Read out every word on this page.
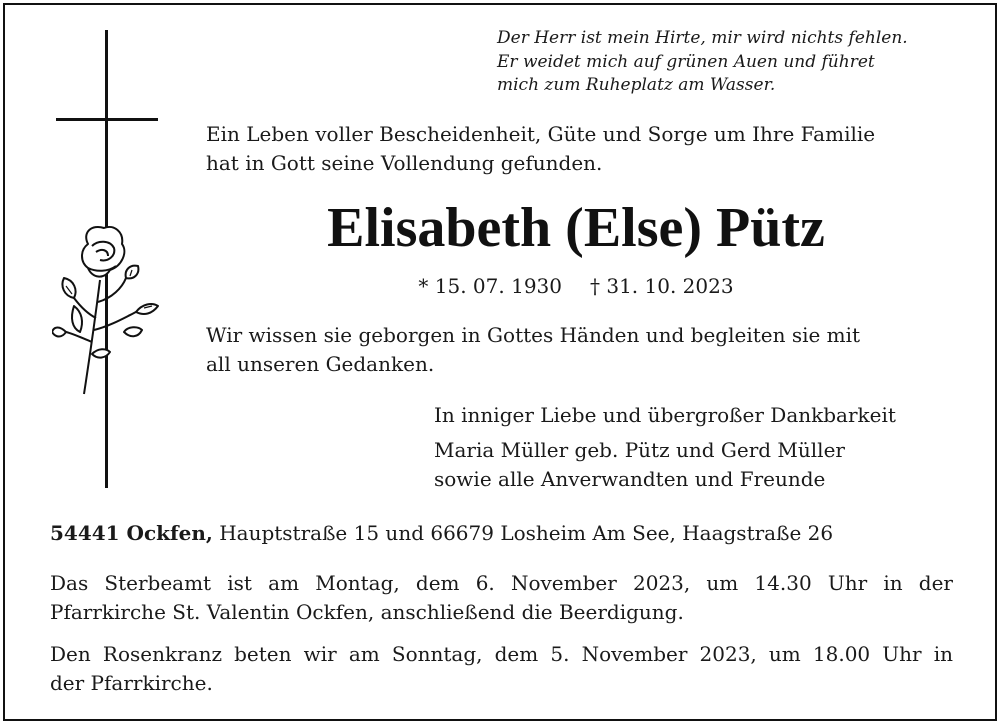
Der Herr ist mein Hirte, mir wird nichts fehlen.
Er weidet mich auf grünen Auen und führet
mich zum Ruheplatz am Wasser.
Ein Leben voller Bescheidenheit, Güte und Sorge um Ihre Familie
hat in Gott seine Vollendung gefunden.
Elisabeth (Else) Pütz
* 15. 07. 1930 † 31. 10. 2023
Wir wissen sie geborgen in Gottes Händen und begleiten sie mit
all unseren Gedanken.
In inniger Liebe und übergroßer Dankbarkeit
Maria Müller geb. Pütz und Gerd Müller
sowie alle Anverwandten und Freunde
54441 Ockfen, Hauptstraße 15 und 66679 Losheim Am See, Haagstraße 26
Das Sterbeamt ist am Montag, dem 6. November 2023, um 14.30 Uhr in der
Pfarrkirche St. Valentin Ockfen, anschließend die Beerdigung.
Den Rosenkranz beten wir am Sonntag, dem 5. November 2023, um 18.00 Uhr in
der Pfarrkirche.
